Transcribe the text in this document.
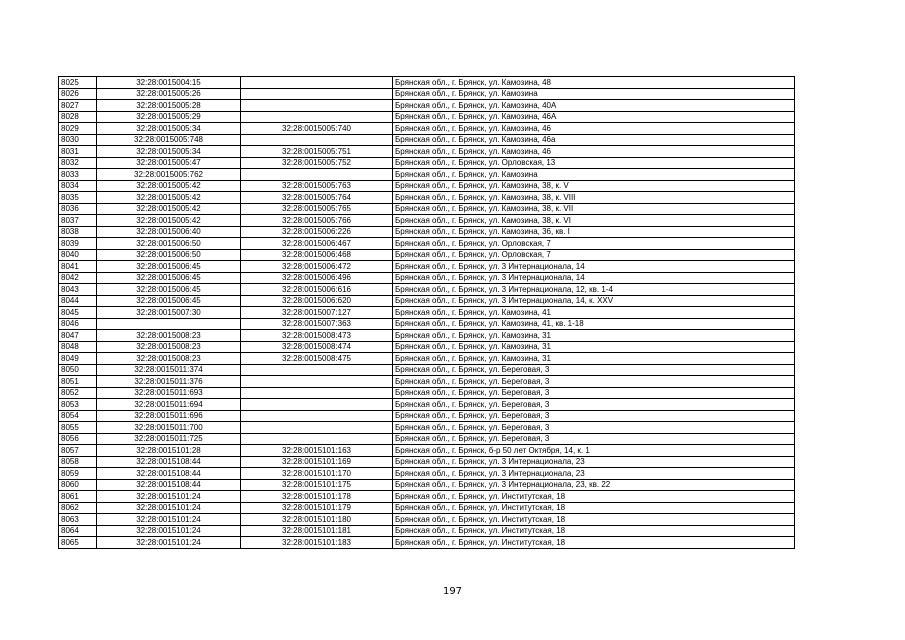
8025	32:28:0015004:15		Брянская обл., г. Брянск, ул. Камозина, 48
8026	32:28:0015005:26		Брянская обл., г. Брянск, ул. Камозина
8027	32:28:0015005:28		Брянская обл., г. Брянск, ул. Камозина, 40А
8028	32:28:0015005:29		Брянская обл., г. Брянск, ул. Камозина, 46А
8029	32:28:0015005:34	32:28:0015005:740	Брянская обл., г. Брянск, ул. Камозина, 46
8030	32:28:0015005:748		Брянская обл., г. Брянск, ул. Камозина, 46а
8031	32:28:0015005:34	32:28:0015005:751	Брянская обл., г. Брянск, ул. Камозина, 46
8032	32:28:0015005:47	32:28:0015005:752	Брянская обл., г. Брянск, ул. Орловская, 13
8033	32:28:0015005:762		Брянская обл., г. Брянск, ул. Камозина
8034	32:28:0015005:42	32:28:0015005:763	Брянская обл., г. Брянск, ул. Камозина, 38, к. V
8035	32:28:0015005:42	32:28:0015005:764	Брянская обл., г. Брянск, ул. Камозина, 38, к. VIII
8036	32:28:0015005:42	32:28:0015005:765	Брянская обл., г. Брянск, ул. Камозина, 38, к. VII
8037	32:28:0015005:42	32:28:0015005:766	Брянская обл., г. Брянск, ул. Камозина, 38, к. VI
8038	32:28:0015006:40	32:28:0015006:226	Брянская обл., г. Брянск, ул. Камозина, 36, кв. I
8039	32:28:0015006:50	32:28:0015006:467	Брянская обл., г. Брянск, ул. Орловская, 7
8040	32:28:0015006:50	32:28:0015006:468	Брянская обл., г. Брянск, ул. Орловская, 7
8041	32:28:0015006:45	32:28:0015006:472	Брянская обл., г. Брянск, ул. 3 Интернационала, 14
8042	32:28:0015006:45	32:28:0015006:496	Брянская обл., г. Брянск, ул. 3 Интернационала, 14
8043	32:28:0015006:45	32:28:0015006:616	Брянская обл., г. Брянск, ул. 3 Интернационала, 12, кв. 1-4
8044	32:28:0015006:45	32:28:0015006:620	Брянская обл., г. Брянск, ул. 3 Интернационала, 14, к. XXV
8045	32:28:0015007:30	32:28:0015007:127	Брянская обл., г. Брянск, ул. Камозина, 41
8046		32:28:0015007:363	Брянская обл., г. Брянск, ул. Камозина, 41, кв. 1-18
8047	32:28:0015008:23	32:28:0015008:473	Брянская обл., г. Брянск, ул. Камозина, 31
8048	32:28:0015008:23	32:28:0015008:474	Брянская обл., г. Брянск, ул. Камозина, 31
8049	32:28:0015008:23	32:28:0015008:475	Брянская обл., г. Брянск, ул. Камозина, 31
8050	32:28:0015011:374		Брянская обл., г. Брянск, ул. Береговая, 3
8051	32:28:0015011:376		Брянская обл., г. Брянск, ул. Береговая, 3
8052	32:28:0015011:693		Брянская обл., г. Брянск, ул. Береговая, 3
8053	32:28:0015011:694		Брянская обл., г. Брянск, ул. Береговая, 3
8054	32:28:0015011:696		Брянская обл., г. Брянск, ул. Береговая, 3
8055	32:28:0015011:700		Брянская обл., г. Брянск, ул. Береговая, 3
8056	32:28:0015011:725		Брянская обл., г. Брянск, ул. Береговая, 3
8057	32:28:0015101:28	32:28:0015101:163	Брянская обл., г. Брянск, б-р 50 лет Октября, 14, к. 1
8058	32:28:0015108:44	32:28:0015101:169	Брянская обл., г. Брянск, ул. 3 Интернационала, 23
8059	32:28:0015108:44	32:28:0015101:170	Брянская обл., г. Брянск, ул. 3 Интернационала, 23
8060	32:28:0015108:44	32:28:0015101:175	Брянская обл., г. Брянск, ул. 3 Интернационала, 23, кв. 22
8061	32:28:0015101:24	32:28:0015101:178	Брянская обл., г. Брянск, ул. Институтская, 18
8062	32:28:0015101:24	32:28:0015101:179	Брянская обл., г. Брянск, ул. Институтская, 18
8063	32:28:0015101:24	32:28:0015101:180	Брянская обл., г. Брянск, ул. Институтская, 18
8064	32:28:0015101:24	32:28:0015101:181	Брянская обл., г. Брянск, ул. Институтская, 18
8065	32:28:0015101:24	32:28:0015101:183	Брянская обл., г. Брянск, ул. Институтская, 18
197
